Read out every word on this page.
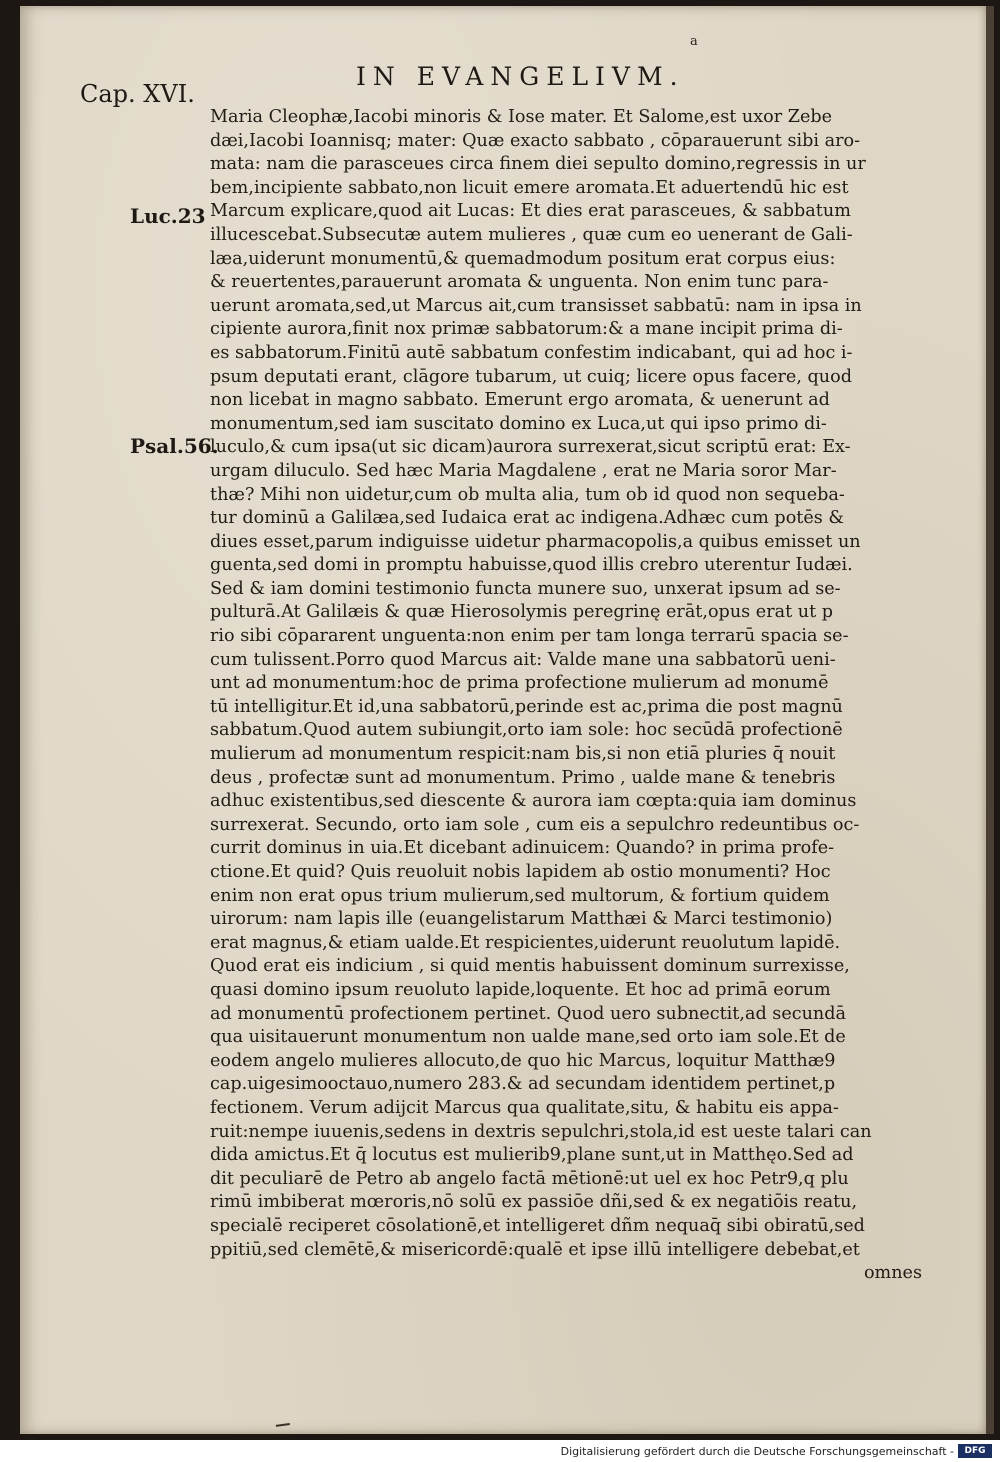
a
Cap. XVI.
IN EVANGELIVM.
Luc.23
Psal.56.
Maria Cleophæ,Iacobi minoris & Iose mater. Et Salome,est uxor Zebe
dæi,Iacobi Ioannisq; mater: Quæ exacto sabbato , cōparauerunt sibi aro-
mata: nam die parasceues circa finem diei sepulto domino,regressis in ur
bem,incipiente sabbato,non licuit emere aromata.Et aduertendū hic est
Marcum explicare,quod ait Lucas: Et dies erat parasceues, & sabbatum
illucescebat.Subsecutæ autem mulieres , quæ cum eo uenerant de Gali-
læa,uiderunt monumentū,& quemadmodum positum erat corpus eius:
& reuertentes,parauerunt aromata & unguenta. Non enim tunc para-
uerunt aromata,sed,ut Marcus ait,cum transisset sabbatū: nam in ipsa in
cipiente aurora,finit nox primæ sabbatorum:& a mane incipit prima di-
es sabbatorum.Finitū autē sabbatum confestim indicabant, qui ad hoc i-
psum deputati erant, clāgore tubarum, ut cuiq; licere opus facere, quod
non licebat in magno sabbato. Emerunt ergo aromata, & uenerunt ad
monumentum,sed iam suscitato domino ex Luca,ut qui ipso primo di-
luculo,& cum ipsa(ut sic dicam)aurora surrexerat,sicut scriptū erat: Ex-
urgam diluculo. Sed hæc Maria Magdalene , erat ne Maria soror Mar-
thæ? Mihi non uidetur,cum ob multa alia, tum ob id quod non sequeba-
tur dominū a Galilæa,sed Iudaica erat ac indigena.Adhæc cum potēs &
diues esset,parum indiguisse uidetur pharmacopolis,a quibus emisset un
guenta,sed domi in promptu habuisse,quod illis crebro uterentur Iudæi.
Sed & iam domini testimonio functa munere suo, unxerat ipsum ad se-
pulturā.At Galilæis & quæ Hierosolymis peregrinę erāt,opus erat ut p
rio sibi cōpararent unguenta:non enim per tam longa terrarū spacia se-
cum tulissent.Porro quod Marcus ait: Valde mane una sabbatorū ueni-
unt ad monumentum:hoc de prima profectione mulierum ad monumē
tū intelligitur.Et id,una sabbatorū,perinde est ac,prima die post magnū
sabbatum.Quod autem subiungit,orto iam sole: hoc secūdā profectionē
mulierum ad monumentum respicit:nam bis,si non etiā pluries q̄ nouit
deus , profectæ sunt ad monumentum. Primo , ualde mane & tenebris
adhuc existentibus,sed diescente & aurora iam cœpta:quia iam dominus
surrexerat. Secundo, orto iam sole , cum eis a sepulchro redeuntibus oc-
currit dominus in uia.Et dicebant adinuicem: Quando? in prima profe-
ctione.Et quid? Quis reuoluit nobis lapidem ab ostio monumenti? Hoc
enim non erat opus trium mulierum,sed multorum, & fortium quidem
uirorum: nam lapis ille (euangelistarum Matthæi & Marci testimonio)
erat magnus,& etiam ualde.Et respicientes,uiderunt reuolutum lapidē.
Quod erat eis indicium , si quid mentis habuissent dominum surrexisse,
quasi domino ipsum reuoluto lapide,loquente. Et hoc ad primā eorum
ad monumentū profectionem pertinet. Quod uero subnectit,ad secundā
qua uisitauerunt monumentum non ualde mane,sed orto iam sole.Et de
eodem angelo mulieres allocuto,de quo hic Marcus, loquitur Matthæ9
cap.uigesimooctauo,numero 283.& ad secundam identidem pertinet,p
fectionem. Verum adijcit Marcus qua qualitate,situ, & habitu eis appa-
ruit:nempe iuuenis,sedens in dextris sepulchri,stola,id est ueste talari can
dida amictus.Et q̄ locutus est mulierib9,plane sunt,ut in Matthęo.Sed ad
dit peculiarē de Petro ab angelo factā mētionē:ut uel ex hoc Petr9,q plu
rimū imbiberat mœroris,nō solū ex passiōe dñi,sed & ex negatiōis reatu,
specialē reciperet cōsolationē,et intelligeret dñm nequaq̄ sibi obiratū,sed
ppitiū,sed clemētē,& misericordē:qualē et ipse illū intelligere debebat,et
omnes
Digitalisierung gefördert durch die Deutsche Forschungsgemeinschaft -	DFG
